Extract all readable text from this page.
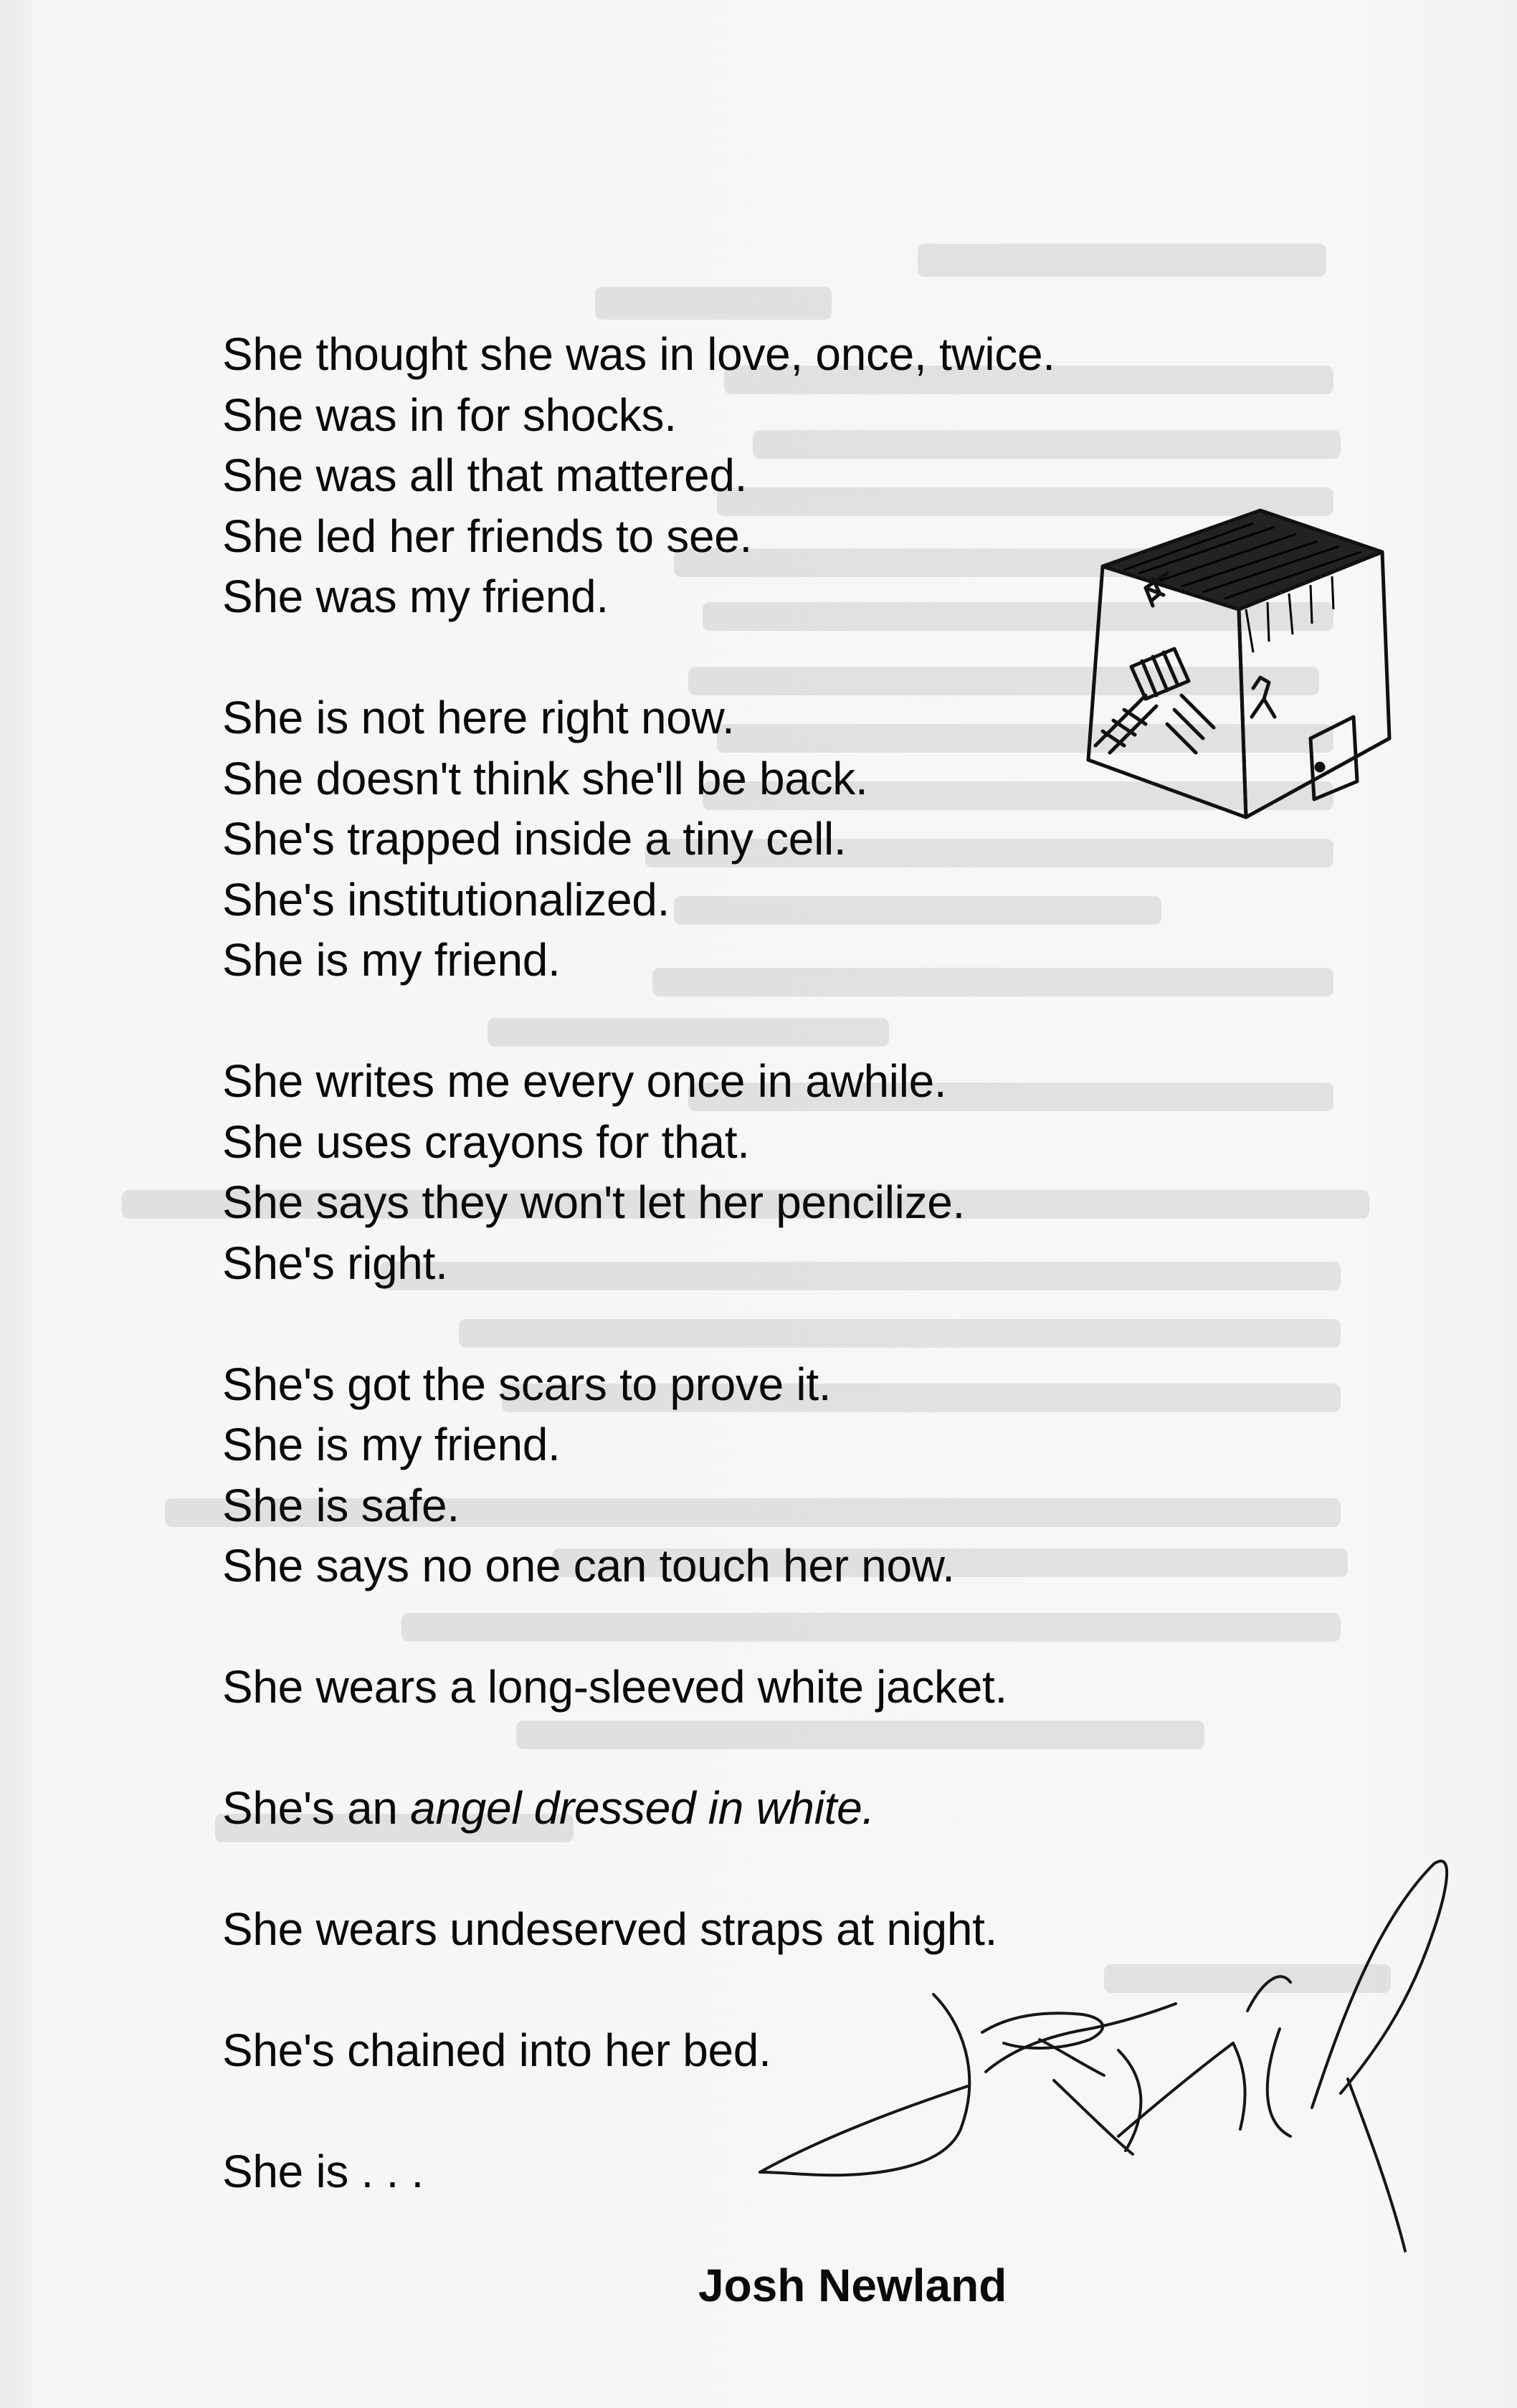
She thought she was in love, once, twice.
She was in for shocks.
She was all that mattered.
She led her friends to see.
She was my friend.
She is not here right now.
She doesn't think she'll be back.
She's trapped inside a tiny cell.
She's institutionalized.
She is my friend.
She writes me every once in awhile.
She uses crayons for that.
She says they won't let her pencilize.
She's right.
She's got the scars to prove it.
She is my friend.
She is safe.
She says no one can touch her now.
She wears a long-sleeved white jacket.
She's an angel dressed in white.
She wears undeserved straps at night.
She's chained into her bed.
She is . . .
Josh Newland
